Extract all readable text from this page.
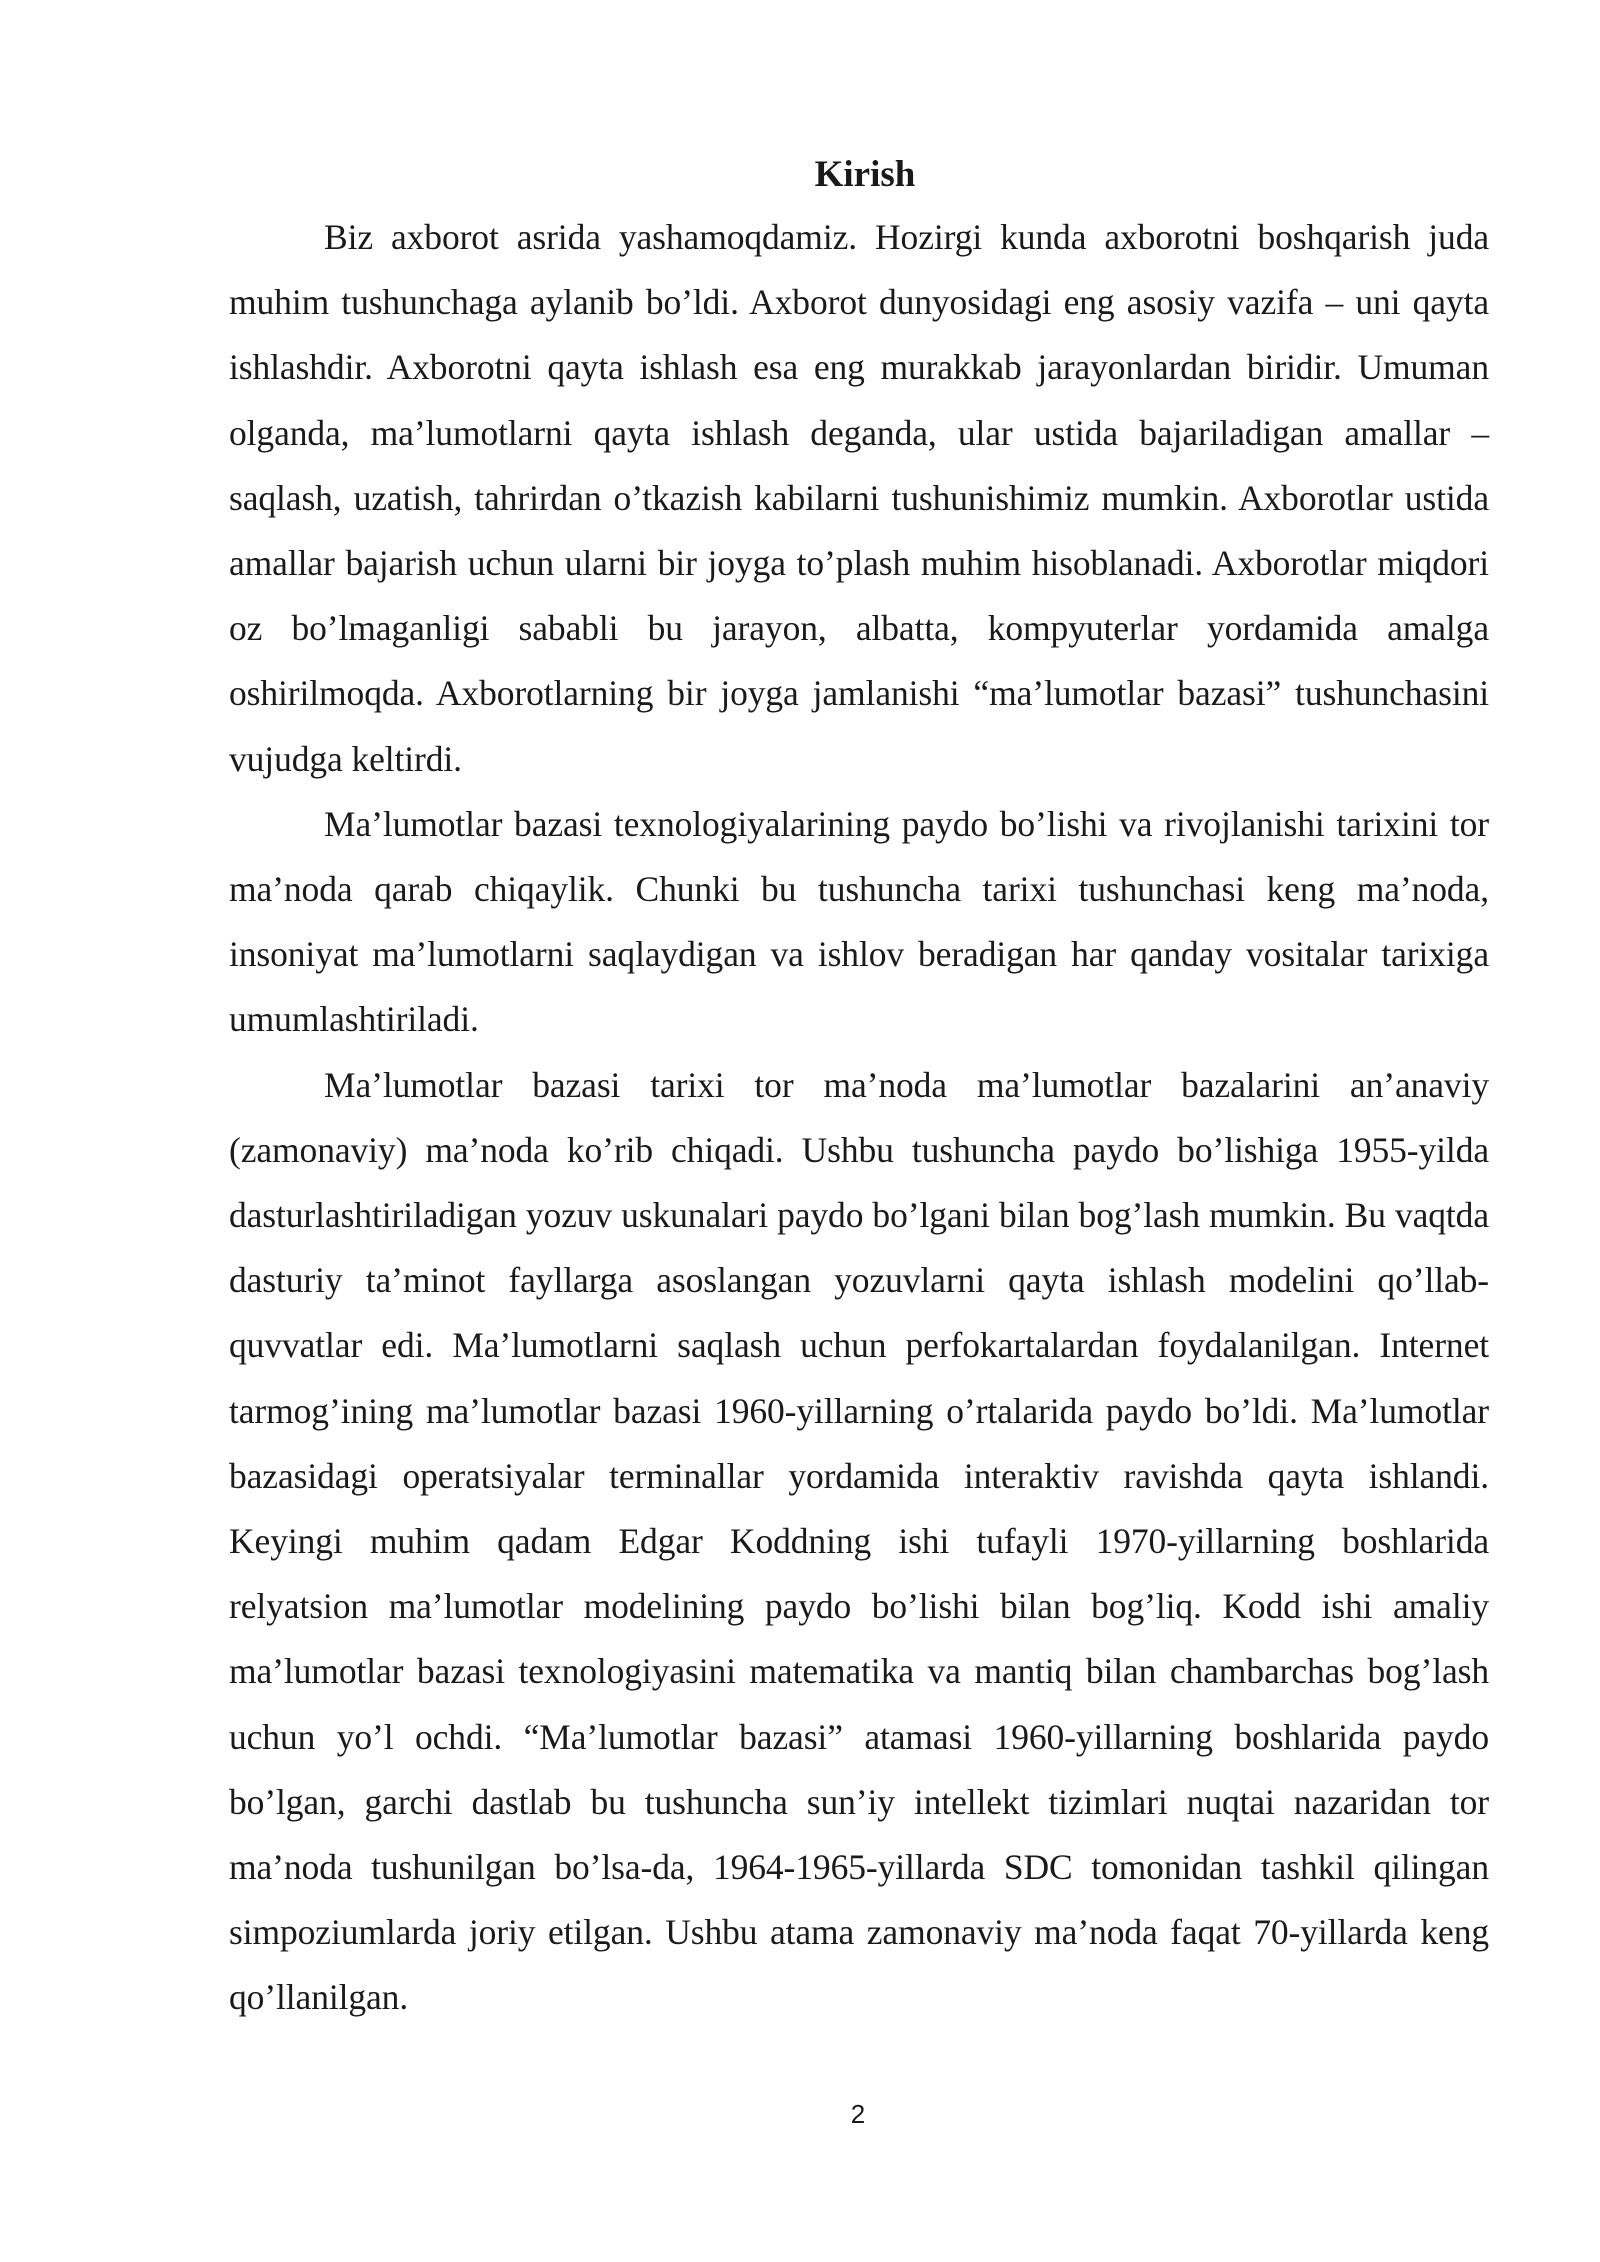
Kirish

Biz axborot asrida yashamoqdamiz. Hozirgi kunda axborotni boshqarish juda muhim tushunchaga aylanib bo’ldi. Axborot dunyosidagi eng asosiy vazifa – uni qayta ishlashdir. Axborotni qayta ishlash esa eng murakkab jarayonlardan biridir. Umuman olganda, ma’lumotlarni qayta ishlash deganda, ular ustida bajariladigan amallar – saqlash, uzatish, tahrirdan o’tkazish kabilarni tushunishimiz mumkin. Axborotlar ustida amallar bajarish uchun ularni bir joyga to’plash muhim hisoblanadi. Axborotlar miqdori oz bo’lmaganligi sababli bu jarayon, albatta, kompyuterlar yordamida amalga oshirilmoqda. Axborotlarning bir joyga jamlanishi “ma’lumotlar bazasi” tushunchasini vujudga keltirdi.

Ma’lumotlar bazasi texnologiyalarining paydo bo’lishi va rivojlanishi tarixini tor ma’noda qarab chiqaylik. Chunki bu tushuncha tarixi tushunchasi keng ma’noda, insoniyat ma’lumotlarni saqlaydigan va ishlov beradigan har qanday vositalar tarixiga umumlashtiriladi.

Ma’lumotlar bazasi tarixi tor ma’noda ma’lumotlar bazalarini an’anaviy (zamonaviy) ma’noda ko’rib chiqadi. Ushbu tushuncha paydo bo’lishiga 1955-yilda dasturlashtiriladigan yozuv uskunalari paydo bo’lgani bilan bog’lash mumkin. Bu vaqtda dasturiy ta’minot fayllarga asoslangan yozuvlarni qayta ishlash modelini qo’llab-quvvatlar edi. Ma’lumotlarni saqlash uchun perfokartalardan foydalanilgan. Internet tarmog’ining ma’lumotlar bazasi 1960-yillarning o’rtalarida paydo bo’ldi. Ma’lumotlar bazasidagi operatsiyalar terminallar yordamida interaktiv ravishda qayta ishlandi. Keyingi muhim qadam Edgar Koddning ishi tufayli 1970-yillarning boshlarida relyatsion ma’lumotlar modelining paydo bo’lishi bilan bog’liq. Kodd ishi amaliy ma’lumotlar bazasi texnologiyasini matematika va mantiq bilan chambarchas bog’lash uchun yo’l ochdi. “Ma’lumotlar bazasi” atamasi 1960-yillarning boshlarida paydo bo’lgan, garchi dastlab bu tushuncha sun’iy intellekt tizimlari nuqtai nazaridan tor ma’noda tushunilgan bo’lsa-da, 1964-1965-yillarda SDC tomonidan tashkil qilingan simpoziumlarda joriy etilgan. Ushbu atama zamonaviy ma’noda faqat 70-yillarda keng qo’llanilgan.

2
